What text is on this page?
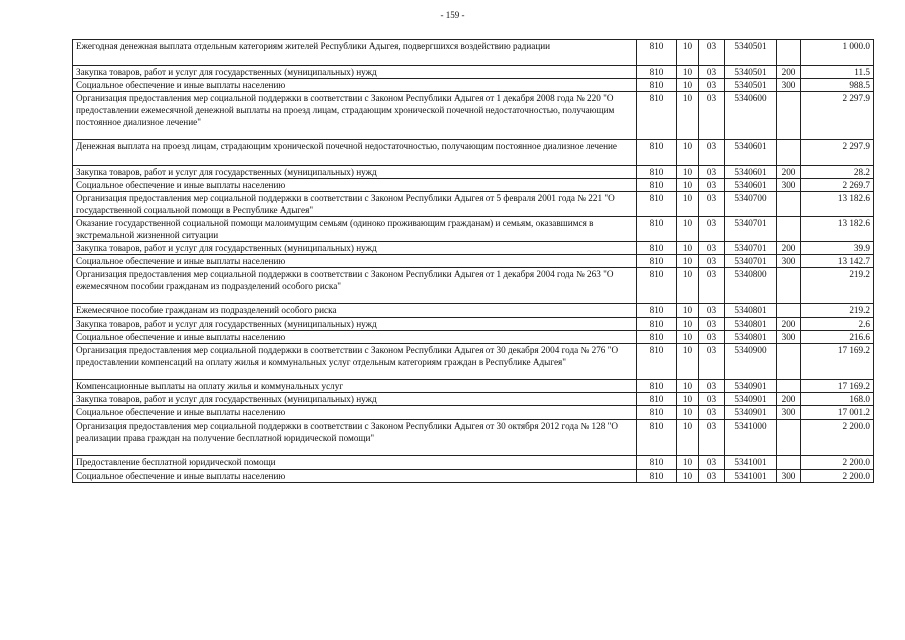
- 159 -
Ежегодная денежная выплата отдельным категориям жителей Республики Адыгея, подвергшихся воздействию радиации	810	10	03	5340501		1 000.0
Закупка товаров, работ и услуг для государственных (муниципальных) нужд	810	10	03	5340501	200	11.5
Социальное обеспечение и иные выплаты населению	810	10	03	5340501	300	988.5
Организация предоставления мер социальной поддержки в соответствии с Законом Республики Адыгея от 1 декабря 2008 года № 220 "О предоставлении ежемесячной денежной выплаты на проезд лицам, страдающим хронической почечной недостаточностью, получающим постоянное диализное лечение"	810	10	03	5340600		2 297.9
Денежная выплата на проезд лицам, страдающим хронической почечной недостаточностью, получающим постоянное диализное лечение	810	10	03	5340601		2 297.9
Закупка товаров, работ и услуг для государственных (муниципальных) нужд	810	10	03	5340601	200	28.2
Социальное обеспечение и иные выплаты населению	810	10	03	5340601	300	2 269.7
Организация предоставления мер социальной поддержки в соответствии с Законом Республики Адыгея от 5 февраля 2001 года № 221 "О государственной социальной помощи в Республике Адыгея"	810	10	03	5340700		13 182.6
Оказание государственной социальной помощи малоимущим семьям (одиноко проживающим гражданам) и семьям, оказавшимся в экстремальной жизненной ситуации	810	10	03	5340701		13 182.6
Закупка товаров, работ и услуг для государственных (муниципальных) нужд	810	10	03	5340701	200	39.9
Социальное обеспечение и иные выплаты населению	810	10	03	5340701	300	13 142.7
Организация предоставления мер социальной поддержки в соответствии с Законом Республики Адыгея от 1 декабря 2004 года № 263 "О ежемесячном пособии гражданам из подразделений особого риска"	810	10	03	5340800		219.2
Ежемесячное пособие гражданам из подразделений особого риска	810	10	03	5340801		219.2
Закупка товаров, работ и услуг для государственных (муниципальных) нужд	810	10	03	5340801	200	2.6
Социальное обеспечение и иные выплаты населению	810	10	03	5340801	300	216.6
Организация предоставления мер социальной поддержки в соответствии с Законом Республики Адыгея от 30 декабря 2004 года № 276 "О предоставлении компенсаций на оплату жилья и коммунальных услуг отдельным категориям граждан в Республике Адыгея"	810	10	03	5340900		17 169.2
Компенсационные выплаты на оплату жилья и коммунальных услуг	810	10	03	5340901		17 169.2
Закупка товаров, работ и услуг для государственных (муниципальных) нужд	810	10	03	5340901	200	168.0
Социальное обеспечение и иные выплаты населению	810	10	03	5340901	300	17 001.2
Организация предоставления мер социальной поддержки в соответствии с Законом Республики Адыгея от 30 октября 2012 года № 128 "О реализации права граждан на получение бесплатной юридической помощи"	810	10	03	5341000		2 200.0
Предоставление бесплатной юридической помощи	810	10	03	5341001		2 200.0
Социальное обеспечение и иные выплаты населению	810	10	03	5341001	300	2 200.0
